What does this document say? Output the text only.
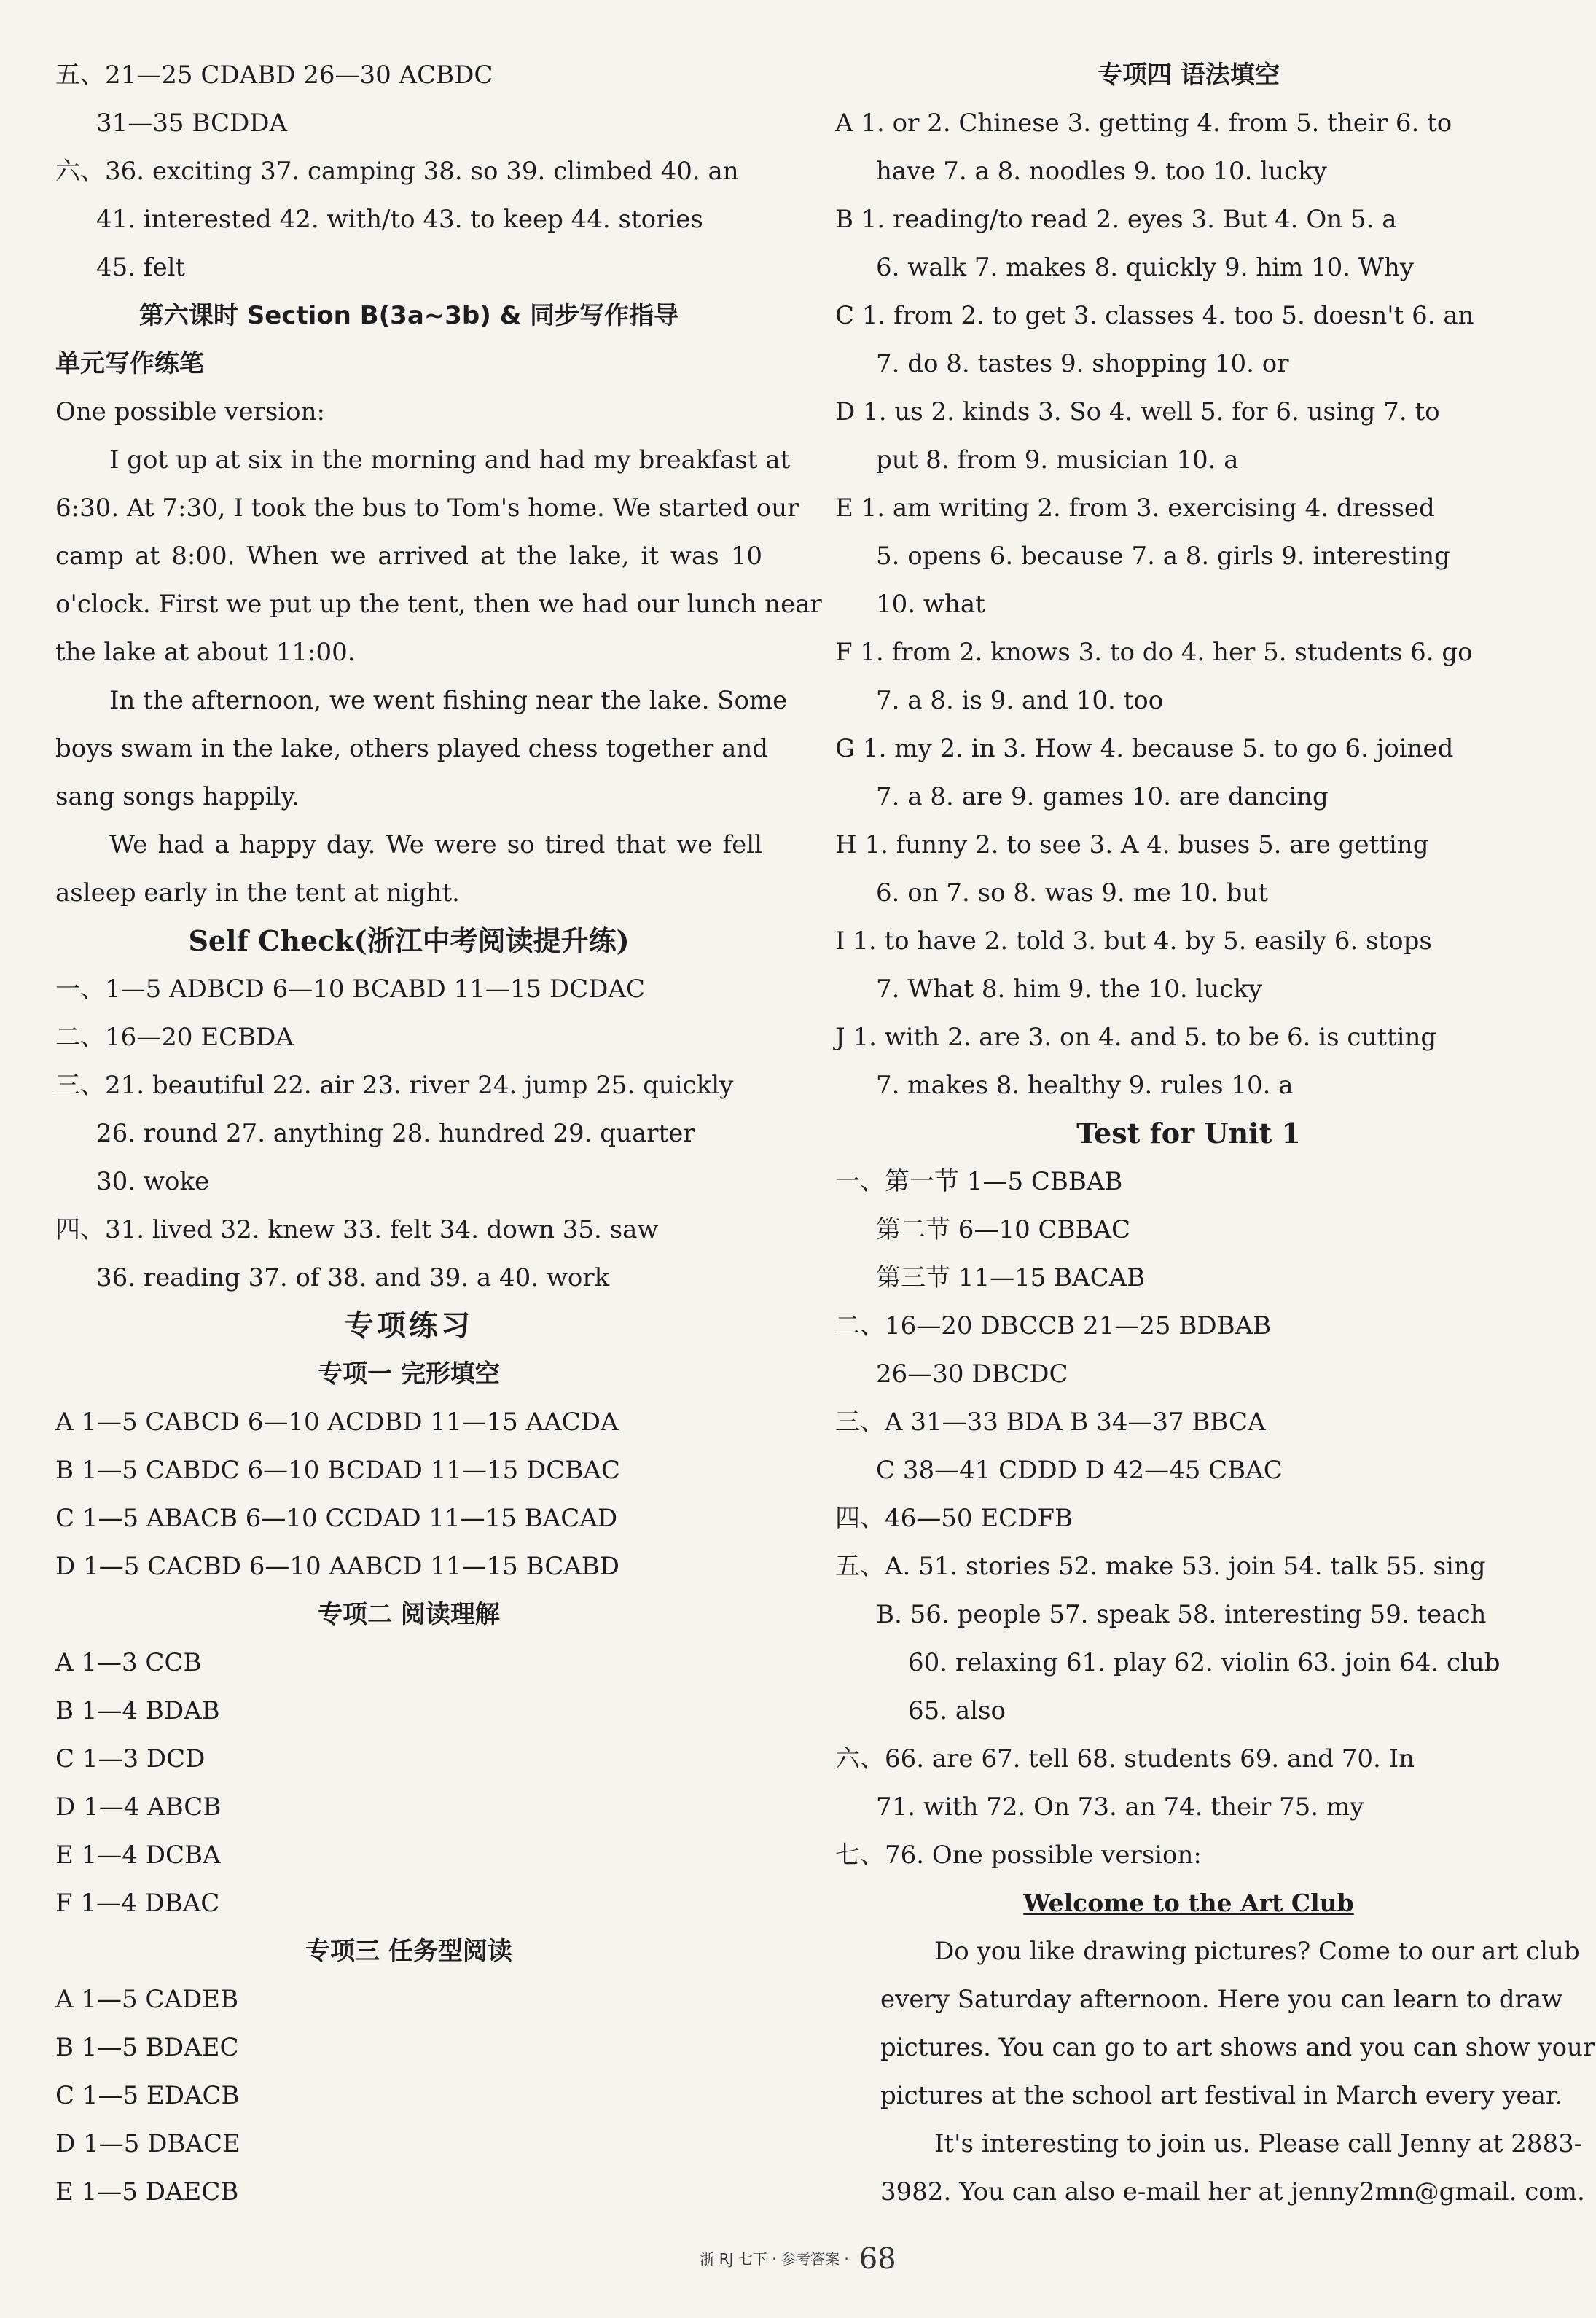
五、21—25 CDABD 26—30 ACBDC
31—35 BCDDA
六、36. exciting 37. camping 38. so 39. climbed 40. an
41. interested 42. with/to 43. to keep 44. stories
45. felt
第六课时 Section B(3a~3b) & 同步写作指导
单元写作练笔
One possible version:
I got up at six in the morning and had my breakfast at
6:30. At 7:30, I took the bus to Tom's home. We started our
camp at 8:00. When we arrived at the lake, it was 10
o'clock. First we put up the tent, then we had our lunch near
the lake at about 11:00.
In the afternoon, we went fishing near the lake. Some
boys swam in the lake, others played chess together and
sang songs happily.
We had a happy day. We were so tired that we fell
asleep early in the tent at night.
Self Check(浙江中考阅读提升练)
一、1—5 ADBCD 6—10 BCABD 11—15 DCDAC
二、16—20 ECBDA
三、21. beautiful 22. air 23. river 24. jump 25. quickly
26. round 27. anything 28. hundred 29. quarter
30. woke
四、31. lived 32. knew 33. felt 34. down 35. saw
36. reading 37. of 38. and 39. a 40. work
专项练习
专项一 完形填空
A 1—5 CABCD 6—10 ACDBD 11—15 AACDA
B 1—5 CABDC 6—10 BCDAD 11—15 DCBAC
C 1—5 ABACB 6—10 CCDAD 11—15 BACAD
D 1—5 CACBD 6—10 AABCD 11—15 BCABD
专项二 阅读理解
A 1—3 CCB
B 1—4 BDAB
C 1—3 DCD
D 1—4 ABCB
E 1—4 DCBA
F 1—4 DBAC
专项三 任务型阅读
A 1—5 CADEB
B 1—5 BDAEC
C 1—5 EDACB
D 1—5 DBACE
E 1—5 DAECB
专项四 语法填空
A 1. or 2. Chinese 3. getting 4. from 5. their 6. to
have 7. a 8. noodles 9. too 10. lucky
B 1. reading/to read 2. eyes 3. But 4. On 5. a
6. walk 7. makes 8. quickly 9. him 10. Why
C 1. from 2. to get 3. classes 4. too 5. doesn't 6. an
7. do 8. tastes 9. shopping 10. or
D 1. us 2. kinds 3. So 4. well 5. for 6. using 7. to
put 8. from 9. musician 10. a
E 1. am writing 2. from 3. exercising 4. dressed
5. opens 6. because 7. a 8. girls 9. interesting
10. what
F 1. from 2. knows 3. to do 4. her 5. students 6. go
7. a 8. is 9. and 10. too
G 1. my 2. in 3. How 4. because 5. to go 6. joined
7. a 8. are 9. games 10. are dancing
H 1. funny 2. to see 3. A 4. buses 5. are getting
6. on 7. so 8. was 9. me 10. but
I 1. to have 2. told 3. but 4. by 5. easily 6. stops
7. What 8. him 9. the 10. lucky
J 1. with 2. are 3. on 4. and 5. to be 6. is cutting
7. makes 8. healthy 9. rules 10. a
Test for Unit 1
一、第一节 1—5 CBBAB
第二节 6—10 CBBAC
第三节 11—15 BACAB
二、16—20 DBCCB 21—25 BDBAB
26—30 DBCDC
三、A 31—33 BDA B 34—37 BBCA
C 38—41 CDDD D 42—45 CBAC
四、46—50 ECDFB
五、A. 51. stories 52. make 53. join 54. talk 55. sing
B. 56. people 57. speak 58. interesting 59. teach
60. relaxing 61. play 62. violin 63. join 64. club
65. also
六、66. are 67. tell 68. students 69. and 70. In
71. with 72. On 73. an 74. their 75. my
七、76. One possible version:
Welcome to the Art Club
Do you like drawing pictures? Come to our art club
every Saturday afternoon. Here you can learn to draw
pictures. You can go to art shows and you can show your
pictures at the school art festival in March every year.
It's interesting to join us. Please call Jenny at 2883-
3982. You can also e-mail her at jenny2mn@gmail. com.
浙 RJ 七下 · 参考答案 · 68
